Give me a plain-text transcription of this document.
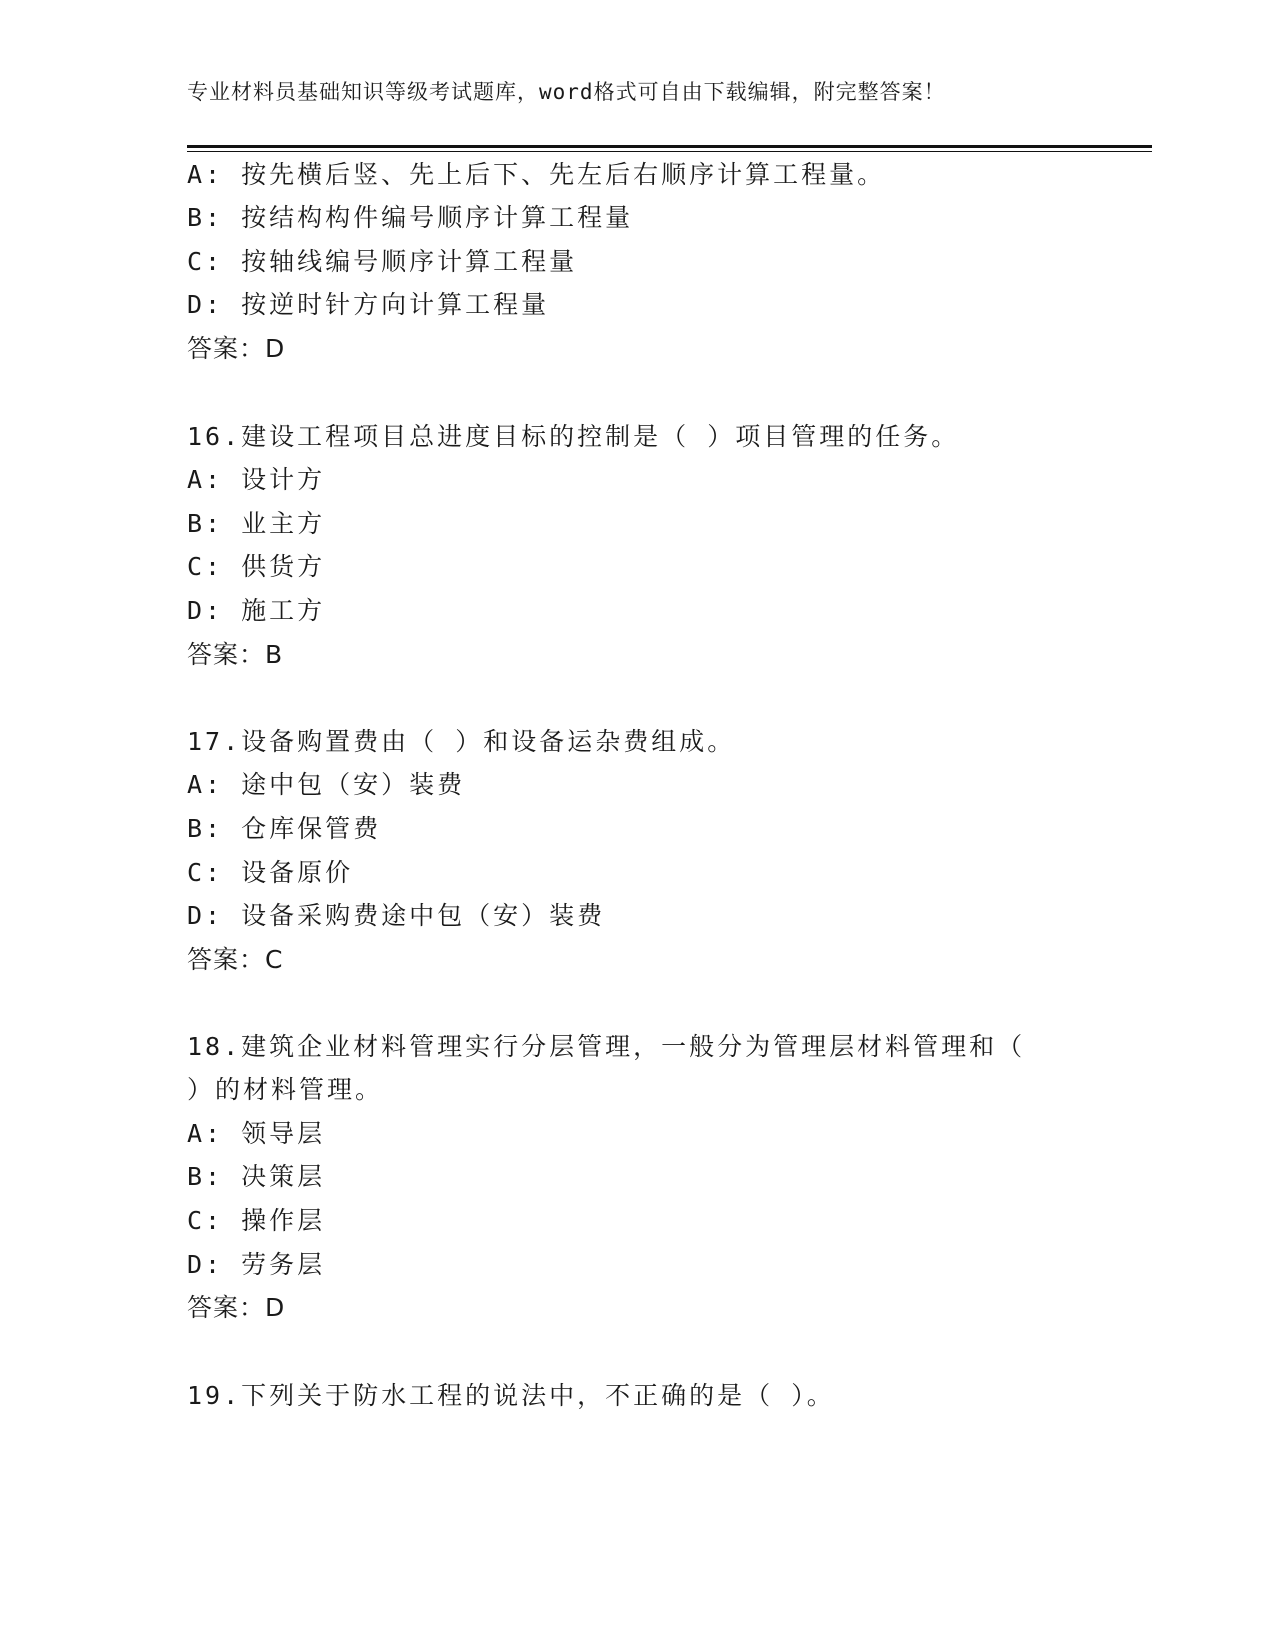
专业材料员基础知识等级考试题库，word格式可自由下载编辑，附完整答案！
A: 按先横后竖、先上后下、先左后右顺序计算工程量。
B: 按结构构件编号顺序计算工程量
C: 按轴线编号顺序计算工程量
D: 按逆时针方向计算工程量
答案：D
16.建设工程项目总进度目标的控制是（ ）项目管理的任务。
A: 设计方
B: 业主方
C: 供货方
D: 施工方
答案：B
17.设备购置费由（ ）和设备运杂费组成。
A: 途中包（安）装费
B: 仓库保管费
C: 设备原价
D: 设备采购费途中包（安）装费
答案：C
18.建筑企业材料管理实行分层管理，一般分为管理层材料管理和（
）的材料管理。
A: 领导层
B: 决策层
C: 操作层
D: 劳务层
答案：D
19.下列关于防水工程的说法中，不正确的是（ ）。
